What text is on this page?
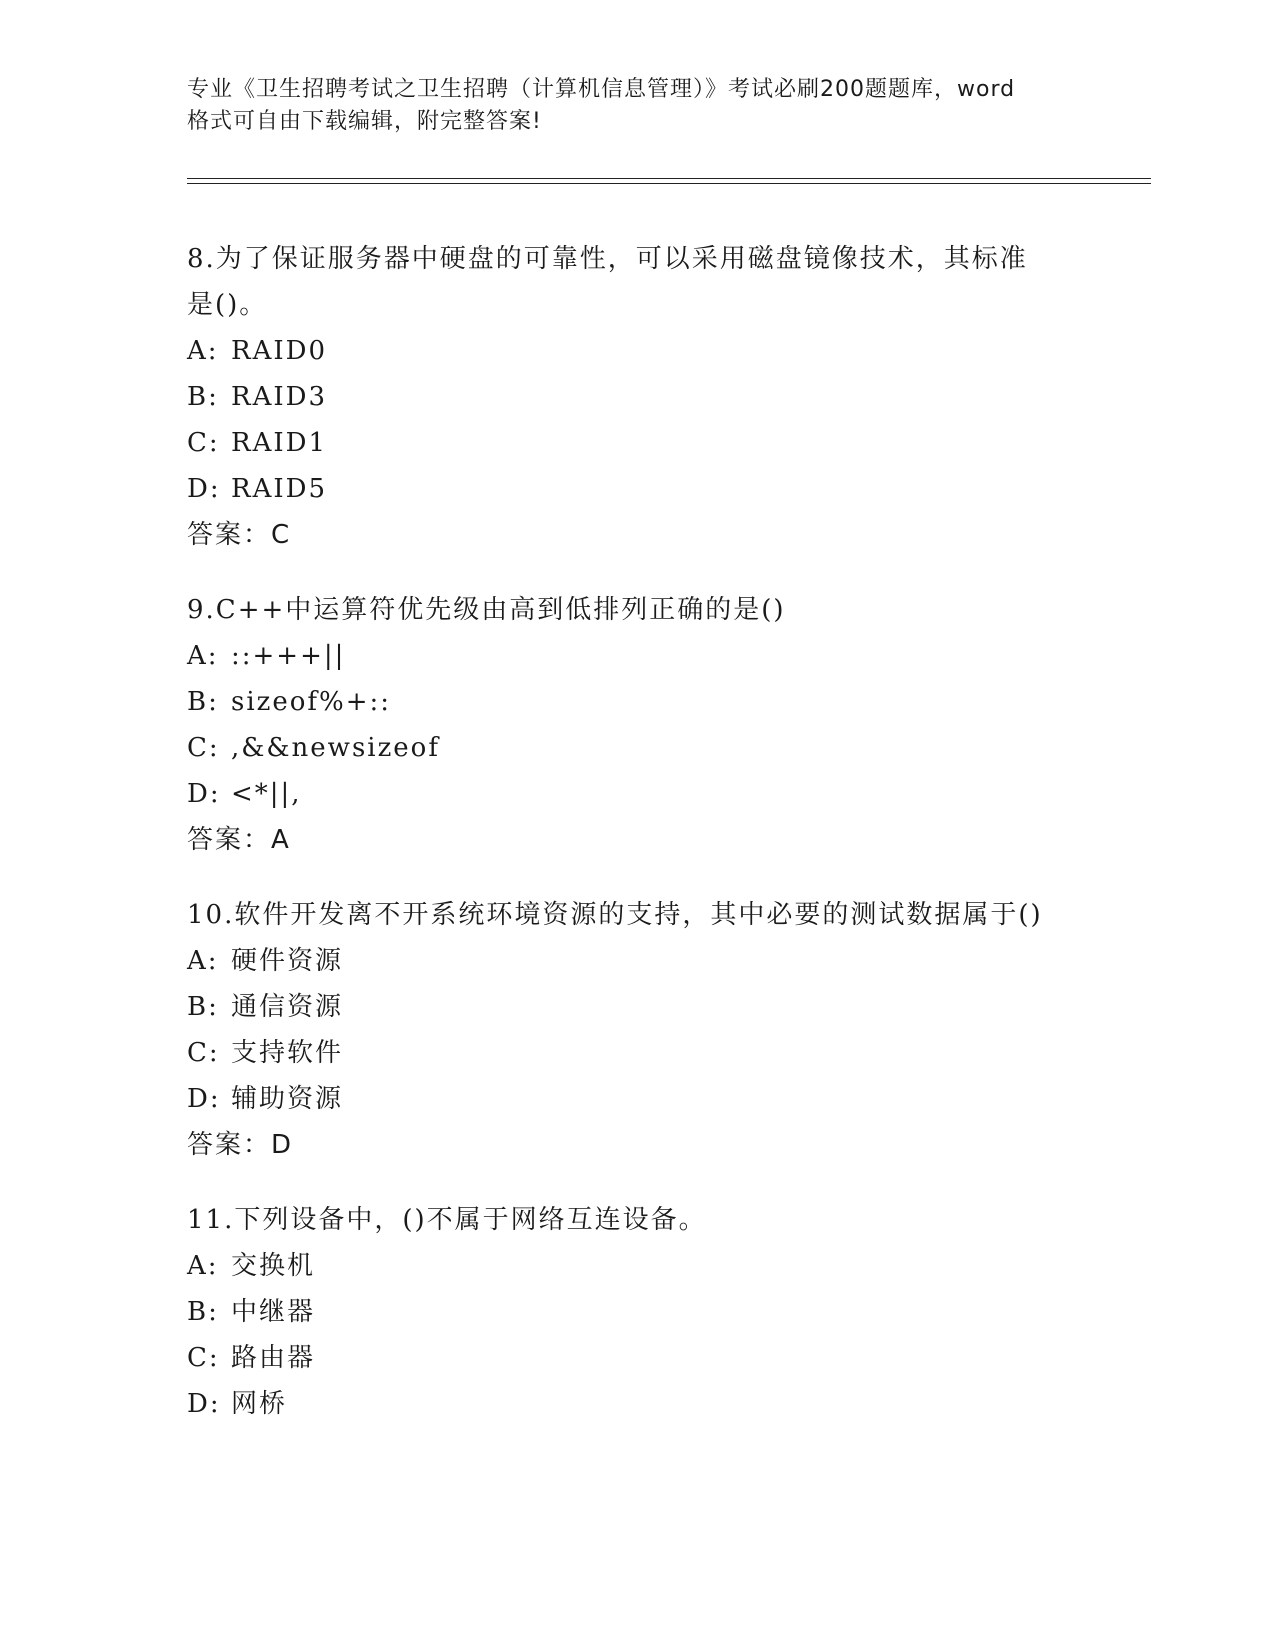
专业《卫生招聘考试之卫生招聘（计算机信息管理）》考试必刷200题题库，word
格式可自由下载编辑，附完整答案!

8.为了保证服务器中硬盘的可靠性，可以采用磁盘镜像技术，其标准
是()。

A: RAID0

B: RAID3

C: RAID1

D: RAID5

答案：C

9.C++中运算符优先级由高到低排列正确的是()

A: ::+++||

B: sizeof%+::

C: ,&&newsizeof

D: <*||,

答案：A

10.软件开发离不开系统环境资源的支持，其中必要的测试数据属于()

A: 硬件资源

B: 通信资源

C: 支持软件

D: 辅助资源

答案：D

11.下列设备中，()不属于网络互连设备。

A: 交换机

B: 中继器

C: 路由器

D: 网桥
